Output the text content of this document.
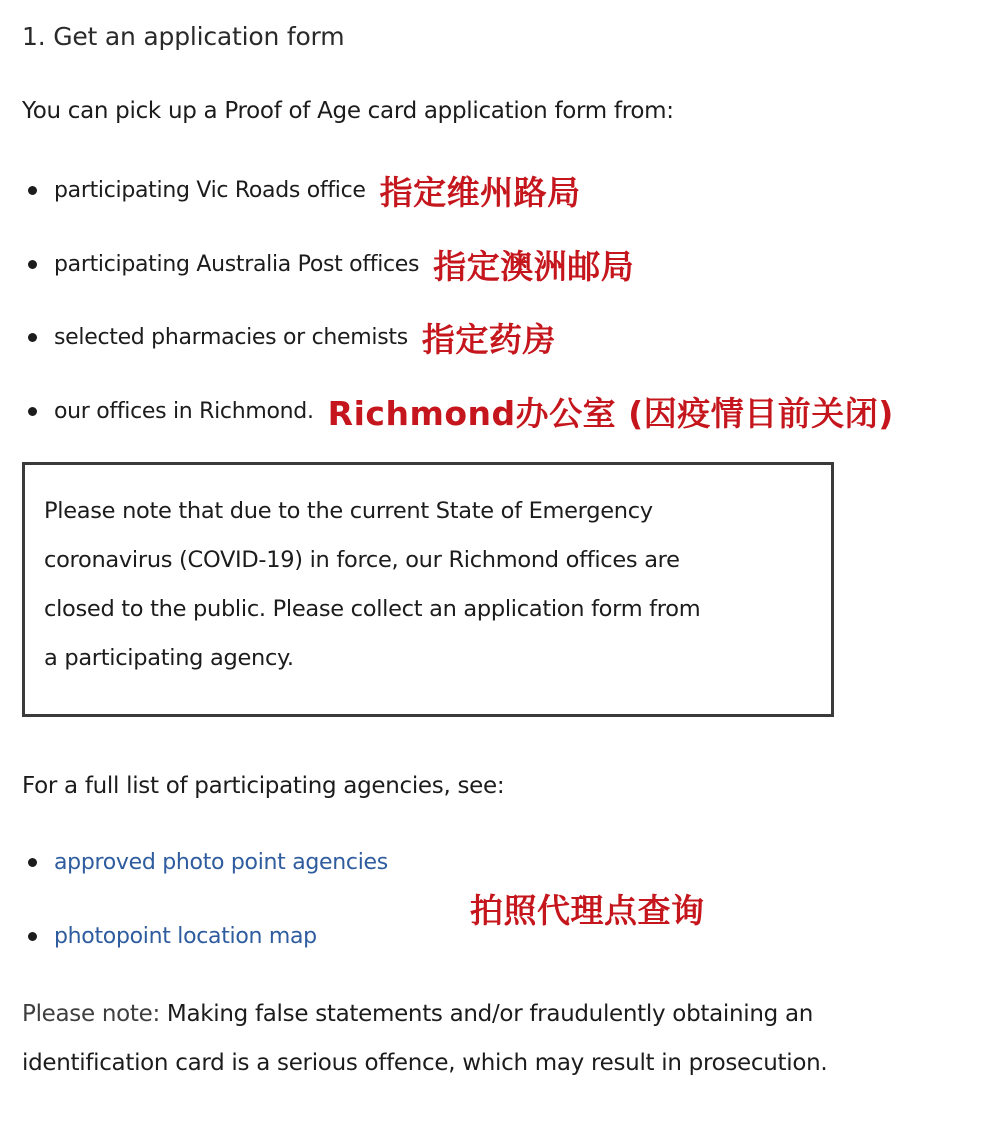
1. Get an application form
You can pick up a Proof of Age card application form from:
participating Vic Roads office 指定维州路局
participating Australia Post offices 指定澳洲邮局
selected pharmacies or chemists 指定药房
our offices in Richmond. Richmond办公室 (因疫情目前关闭)
Please note that due to the current State of Emergency
coronavirus (COVID-19) in force, our Richmond offices are
closed to the public. Please collect an application form from
a participating agency.
For a full list of participating agencies, see:
approved photo point agencies
photopoint location map
拍照代理点查询
Please note: Making false statements and/or fraudulently obtaining an identification card is a serious offence, which may result in prosecution.
